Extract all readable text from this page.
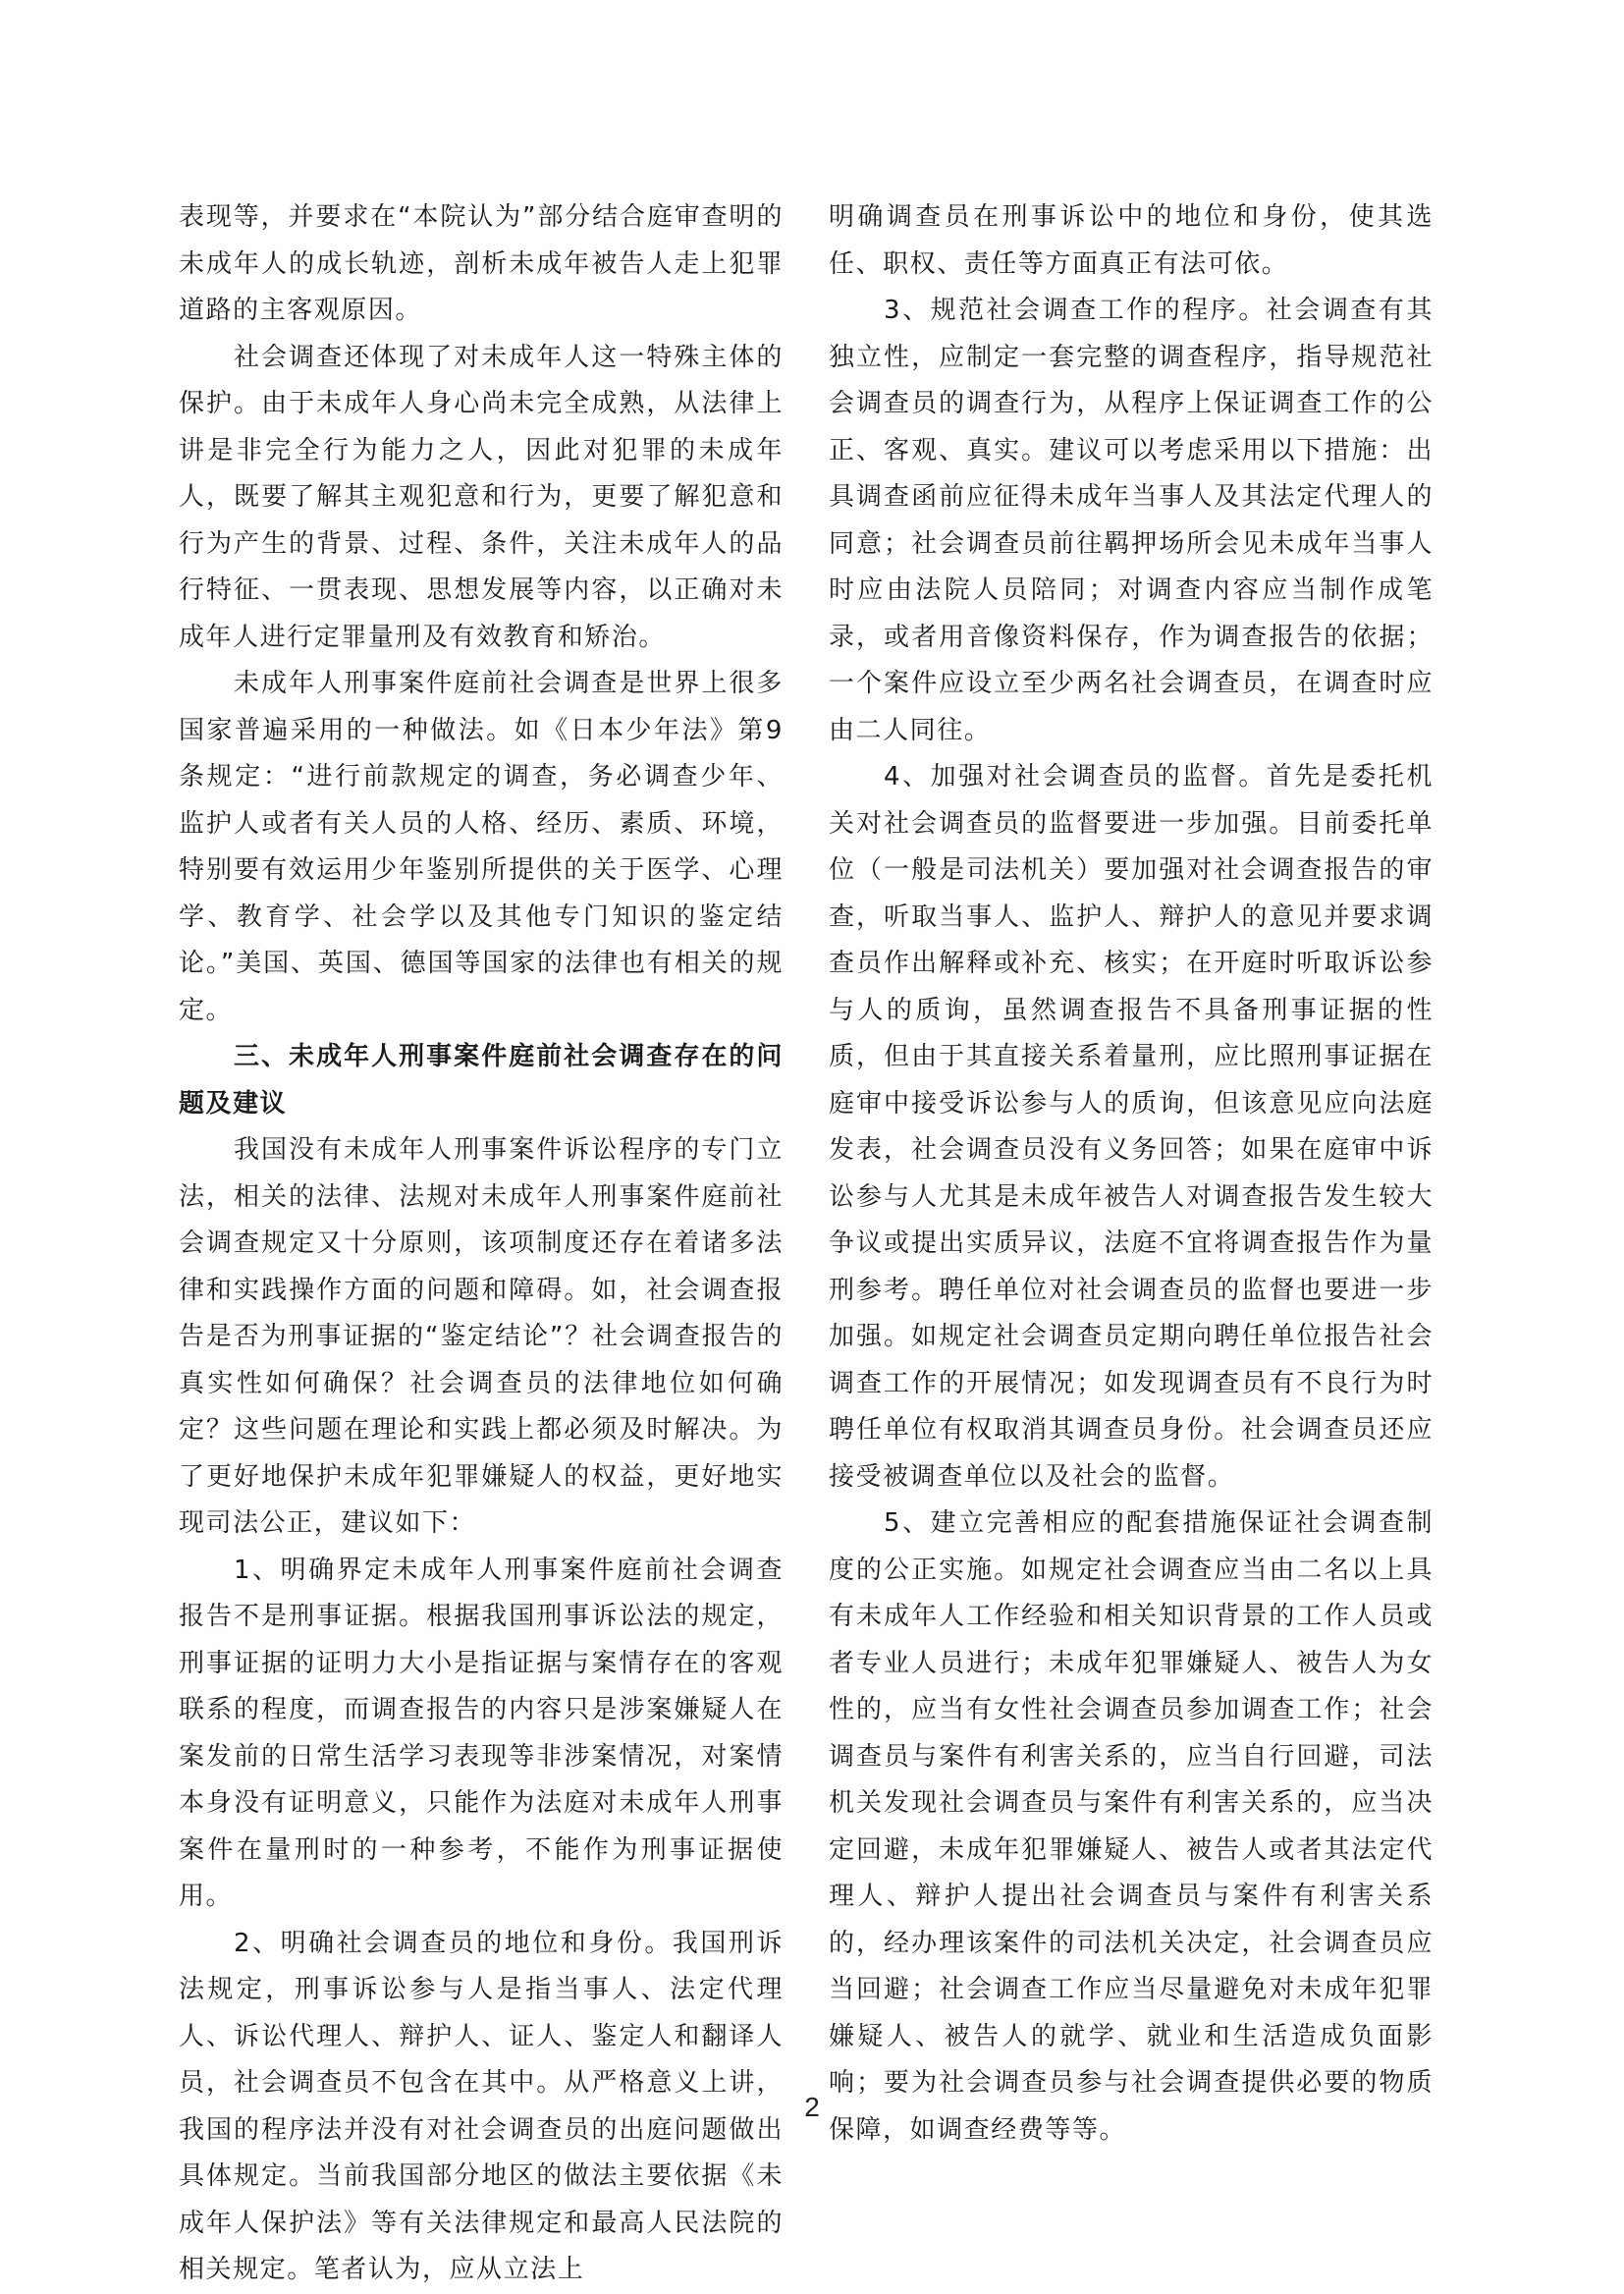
表现等，并要求在“本院认为”部分结合庭审查明的未成年人的成长轨迹，剖析未成年被告人走上犯罪道路的主客观原因。

社会调查还体现了对未成年人这一特殊主体的保护。由于未成年人身心尚未完全成熟，从法律上讲是非完全行为能力之人，因此对犯罪的未成年人，既要了解其主观犯意和行为，更要了解犯意和行为产生的背景、过程、条件，关注未成年人的品行特征、一贯表现、思想发展等内容，以正确对未成年人进行定罪量刑及有效教育和矫治。

未成年人刑事案件庭前社会调查是世界上很多国家普遍采用的一种做法。如《日本少年法》第9条规定：“进行前款规定的调查，务必调查少年、监护人或者有关人员的人格、经历、素质、环境，特别要有效运用少年鉴别所提供的关于医学、心理学、教育学、社会学以及其他专门知识的鉴定结论。”美国、英国、德国等国家的法律也有相关的规定。

三、未成年人刑事案件庭前社会调查存在的问题及建议

我国没有未成年人刑事案件诉讼程序的专门立法，相关的法律、法规对未成年人刑事案件庭前社会调查规定又十分原则，该项制度还存在着诸多法律和实践操作方面的问题和障碍。如，社会调查报告是否为刑事证据的“鉴定结论”？社会调查报告的真实性如何确保？社会调查员的法律地位如何确定？这些问题在理论和实践上都必须及时解决。为了更好地保护未成年犯罪嫌疑人的权益，更好地实现司法公正，建议如下：

1、明确界定未成年人刑事案件庭前社会调查报告不是刑事证据。根据我国刑事诉讼法的规定，刑事证据的证明力大小是指证据与案情存在的客观联系的程度，而调查报告的内容只是涉案嫌疑人在案发前的日常生活学习表现等非涉案情况，对案情本身没有证明意义，只能作为法庭对未成年人刑事案件在量刑时的一种参考，不能作为刑事证据使用。

2、明确社会调查员的地位和身份。我国刑诉法规定，刑事诉讼参与人是指当事人、法定代理人、诉讼代理人、辩护人、证人、鉴定人和翻译人员，社会调查员不包含在其中。从严格意义上讲，我国的程序法并没有对社会调查员的出庭问题做出具体规定。当前我国部分地区的做法主要依据《未成年人保护法》等有关法律规定和最高人民法院的相关规定。笔者认为，应从立法上

明确调查员在刑事诉讼中的地位和身份，使其选任、职权、责任等方面真正有法可依。

3、规范社会调查工作的程序。社会调查有其独立性，应制定一套完整的调查程序，指导规范社会调查员的调查行为，从程序上保证调查工作的公正、客观、真实。建议可以考虑采用以下措施：出具调查函前应征得未成年当事人及其法定代理人的同意；社会调查员前往羁押场所会见未成年当事人时应由法院人员陪同；对调查内容应当制作成笔录，或者用音像资料保存，作为调查报告的依据；一个案件应设立至少两名社会调查员，在调查时应由二人同往。

4、加强对社会调查员的监督。首先是委托机关对社会调查员的监督要进一步加强。目前委托单位（一般是司法机关）要加强对社会调查报告的审查，听取当事人、监护人、辩护人的意见并要求调查员作出解释或补充、核实；在开庭时听取诉讼参与人的质询，虽然调查报告不具备刑事证据的性质，但由于其直接关系着量刑，应比照刑事证据在庭审中接受诉讼参与人的质询，但该意见应向法庭发表，社会调查员没有义务回答；如果在庭审中诉讼参与人尤其是未成年被告人对调查报告发生较大争议或提出实质异议，法庭不宜将调查报告作为量刑参考。聘任单位对社会调查员的监督也要进一步加强。如规定社会调查员定期向聘任单位报告社会调查工作的开展情况；如发现调查员有不良行为时聘任单位有权取消其调查员身份。社会调查员还应接受被调查单位以及社会的监督。

5、建立完善相应的配套措施保证社会调查制度的公正实施。如规定社会调查应当由二名以上具有未成年人工作经验和相关知识背景的工作人员或者专业人员进行；未成年犯罪嫌疑人、被告人为女性的，应当有女性社会调查员参加调查工作；社会调查员与案件有利害关系的，应当自行回避，司法机关发现社会调查员与案件有利害关系的，应当决定回避，未成年犯罪嫌疑人、被告人或者其法定代理人、辩护人提出社会调查员与案件有利害关系的，经办理该案件的司法机关决定，社会调查员应当回避；社会调查工作应当尽量避免对未成年犯罪嫌疑人、被告人的就学、就业和生活造成负面影响；要为社会调查员参与社会调查提供必要的物质保障，如调查经费等等。

2
